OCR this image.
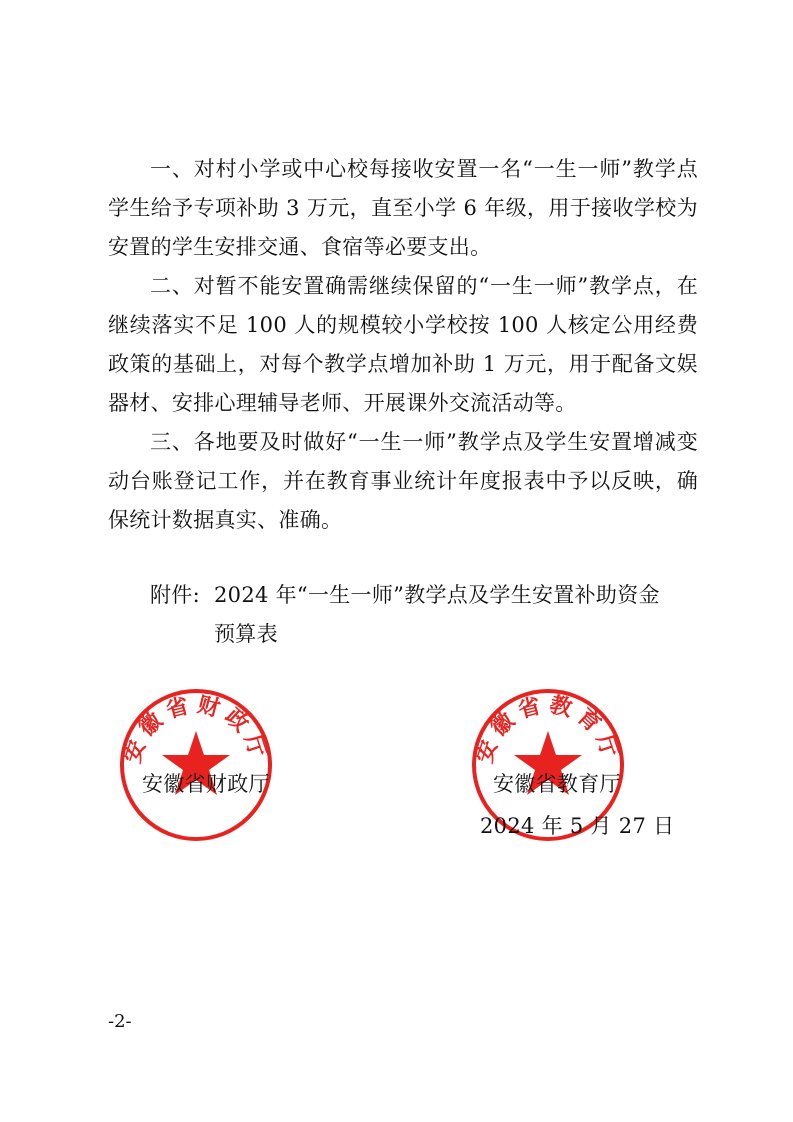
一、对村小学或中心校每接收安置一名“一生一师”教学点学生给予专项补助 3 万元，直至小学 6 年级，用于接收学校为安置的学生安排交通、食宿等必要支出。

二、对暂不能安置确需继续保留的“一生一师”教学点，在继续落实不足 100 人的规模较小学校按 100 人核定公用经费政策的基础上，对每个教学点增加补助 1 万元，用于配备文娱器材、安排心理辅导老师、开展课外交流活动等。

三、各地要及时做好“一生一师”教学点及学生安置增减变动台账登记工作，并在教育事业统计年度报表中予以反映，确保统计数据真实、准确。

附件: 2024 年“一生一师”教学点及学生安置补助资金
预算表
安徽省财政厅	安徽省教育厅
安徽省财政厅	安徽省教育厅
2024 年 5 月 27 日
-2-
